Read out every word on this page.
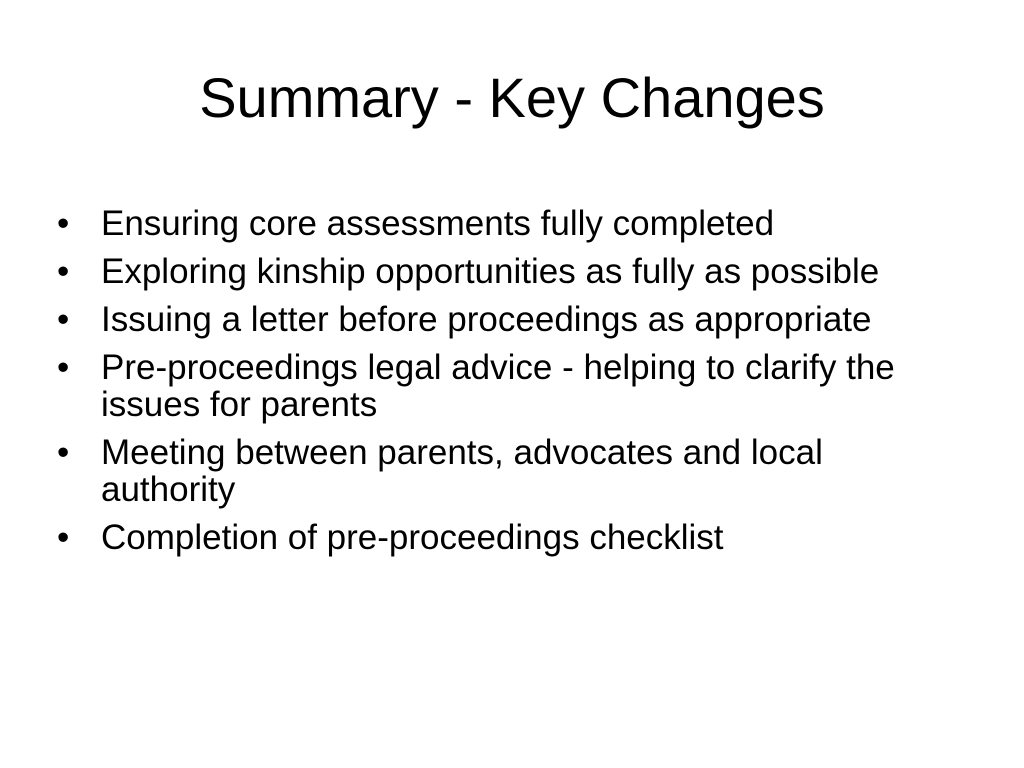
Summary - Key Changes
• Ensuring core assessments fully completed
• Exploring kinship opportunities as fully as possible
• Issuing a letter before proceedings as appropriate
• Pre-proceedings legal advice - helping to clarify the issues for parents
• Meeting between parents, advocates and local authority
• Completion of pre-proceedings checklist
